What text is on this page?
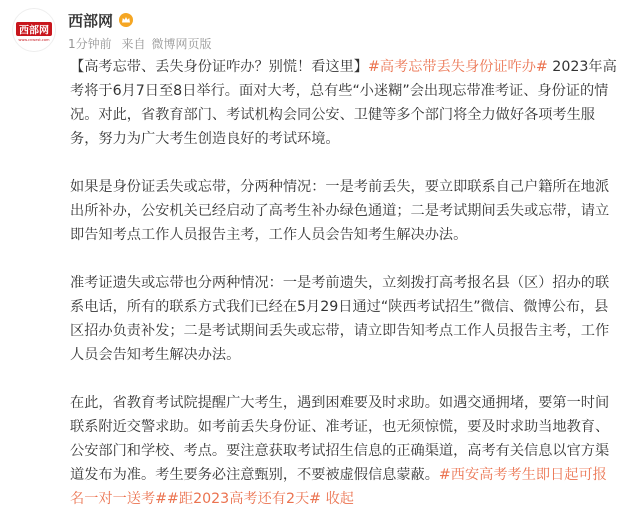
西部网
www.cnwest.com
西部网
1分钟前 来自 微博网页版

【高考忘带、丢失身份证咋办？别慌！看这里】#高考忘带丢失身份证咋办# 2023年高考将于6月7日至8日举行。面对大考，总有些“小迷糊”会出现忘带准考证、身份证的情况。对此，省教育部门、考试机构会同公安、卫健等多个部门将全力做好各项考生服务，努力为广大考生创造良好的考试环境。

如果是身份证丢失或忘带，分两种情况：一是考前丢失，要立即联系自己户籍所在地派出所补办，公安机关已经启动了高考生补办绿色通道；二是考试期间丢失或忘带，请立即告知考点工作人员报告主考，工作人员会告知考生解决办法。

准考证遗失或忘带也分两种情况：一是考前遗失，立刻拨打高考报名县（区）招办的联系电话，所有的联系方式我们已经在5月29日通过“陕西考试招生”微信、微博公布，县区招办负责补发；二是考试期间丢失或忘带，请立即告知考点工作人员报告主考，工作人员会告知考生解决办法。

在此，省教育考试院提醒广大考生，遇到困难要及时求助。如遇交通拥堵，要第一时间联系附近交警求助。如考前丢失身份证、准考证，也无须惊慌，要及时求助当地教育、公安部门和学校、考点。要注意获取考试招生信息的正确渠道，高考有关信息以官方渠道发布为准。考生要务必注意甄别，不要被虚假信息蒙蔽。#西安高考考生即日起可报名一对一送考##距2023高考还有2天# 收起
